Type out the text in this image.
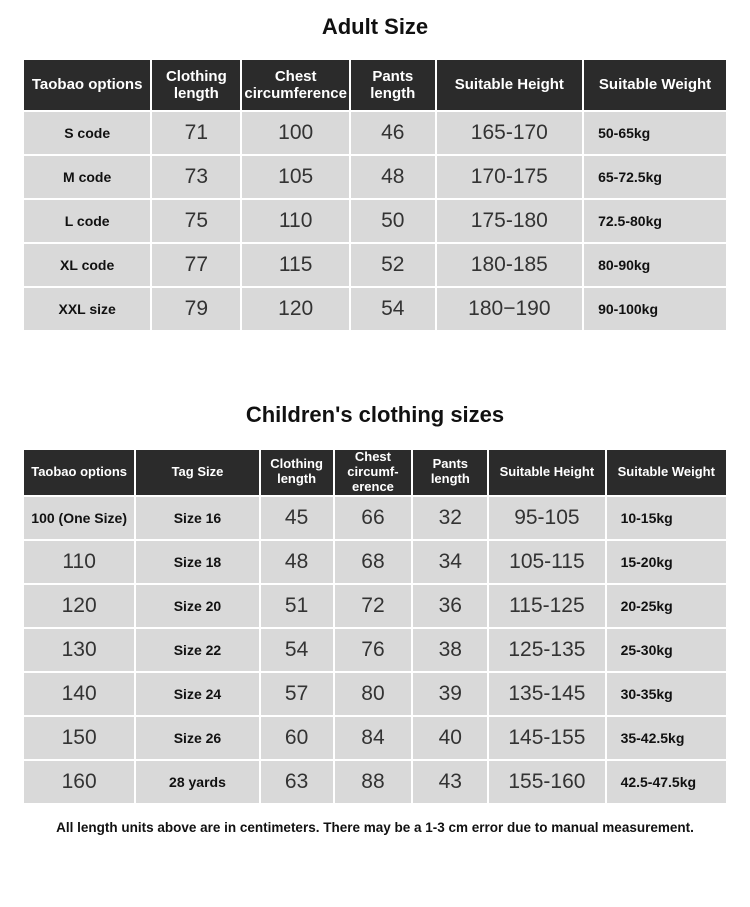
Adult Size
Taobao options	Clothing length	Chest circumference	Pants length	Suitable Height	Suitable Weight
S code	71	100	46	165-170	50-65kg
M code	73	105	48	170-175	65-72.5kg
L code	75	110	50	175-180	72.5-80kg
XL code	77	115	52	180-185	80-90kg
XXL size	79	120	54	180−190	90-100kg
Children's clothing sizes
Taobao options	Tag Size	Clothing length	Chest circumf-erence	Pants length	Suitable Height	Suitable Weight
100 (One Size)	Size 16	45	66	32	95-105	10-15kg
110	Size 18	48	68	34	105-115	15-20kg
120	Size 20	51	72	36	115-125	20-25kg
130	Size 22	54	76	38	125-135	25-30kg
140	Size 24	57	80	39	135-145	30-35kg
150	Size 26	60	84	40	145-155	35-42.5kg
160	28 yards	63	88	43	155-160	42.5-47.5kg
All length units above are in centimeters. There may be a 1-3 cm error due to manual measurement.
